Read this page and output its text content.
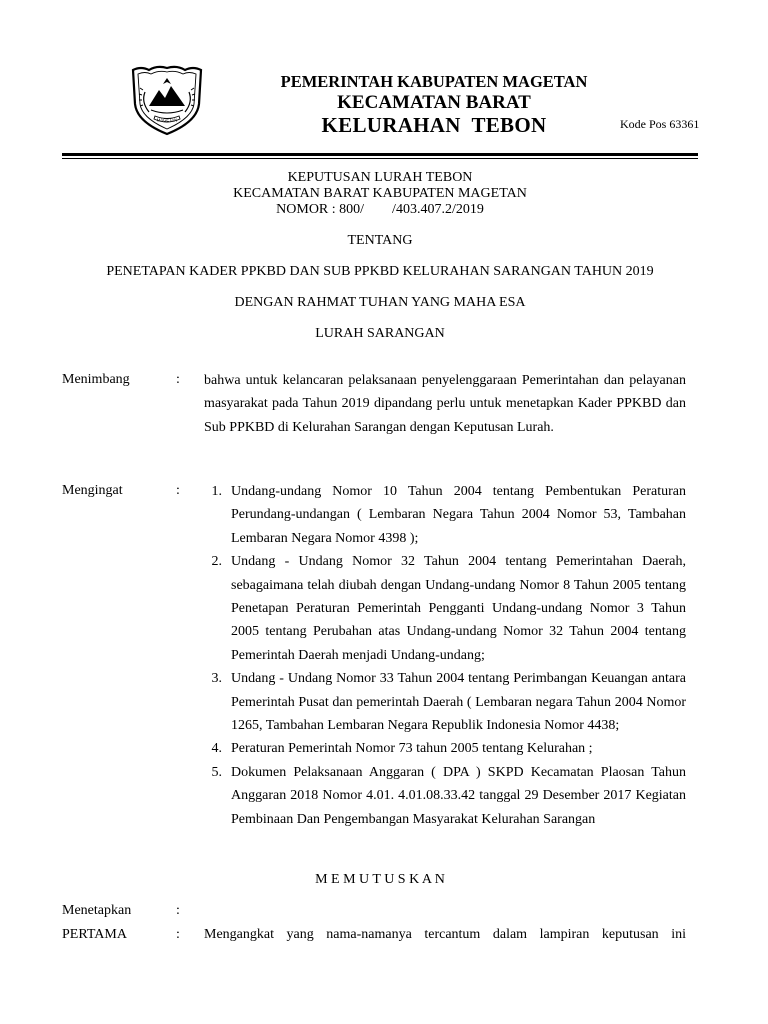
MAGETAN
PEMERINTAH KABUPATEN MAGETAN
KECAMATAN BARAT
KELURAHAN  TEBON	Kode Pos 63361
KEPUTUSAN LURAH TEBON
KECAMATAN BARAT KABUPATEN MAGETAN
NOMOR : 800/        /403.407.2/2019
TENTANG
PENETAPAN KADER PPKBD DAN SUB PPKBD KELURAHAN SARANGAN TAHUN 2019
DENGAN RAHMAT TUHAN YANG MAHA ESA
LURAH SARANGAN
Menimbang	: bahwa untuk kelancaran pelaksanaan penyelenggaraan Pemerintahan dan pelayanan masyarakat pada Tahun 2019 dipandang perlu untuk menetapkan Kader PPKBD dan Sub PPKBD di Kelurahan Sarangan dengan Keputusan Lurah.
Mengingat	:	1. Undang-undang Nomor 10 Tahun 2004 tentang Pembentukan Peraturan Perundang-undangan ( Lembaran Negara Tahun 2004 Nomor 53, Tambahan Lembaran Negara Nomor 4398 );
2. Undang - Undang Nomor 32 Tahun 2004 tentang Pemerintahan Daerah, sebagaimana telah diubah dengan Undang-undang Nomor 8 Tahun 2005 tentang Penetapan Peraturan Pemerintah Pengganti Undang-undang Nomor 3 Tahun 2005 tentang Perubahan atas Undang-undang Nomor 32 Tahun 2004 tentang Pemerintah Daerah menjadi Undang-undang;
3. Undang - Undang Nomor 33 Tahun 2004 tentang Perimbangan Keuangan antara Pemerintah Pusat dan pemerintah Daerah ( Lembaran negara Tahun 2004 Nomor 1265, Tambahan Lembaran Negara Republik Indonesia Nomor 4438;
4. Peraturan Pemerintah Nomor 73 tahun 2005 tentang Kelurahan ;
5. Dokumen Pelaksanaan Anggaran ( DPA ) SKPD Kecamatan Plaosan Tahun Anggaran 2018 Nomor 4.01. 4.01.08.33.42 tanggal 29 Desember 2017 Kegiatan Pembinaan Dan Pengembangan Masyarakat Kelurahan Sarangan
M E M U T U S K A N
Menetapkan	:
PERTAMA	: Mengangkat yang nama-namanya tercantum dalam lampiran keputusan ini
